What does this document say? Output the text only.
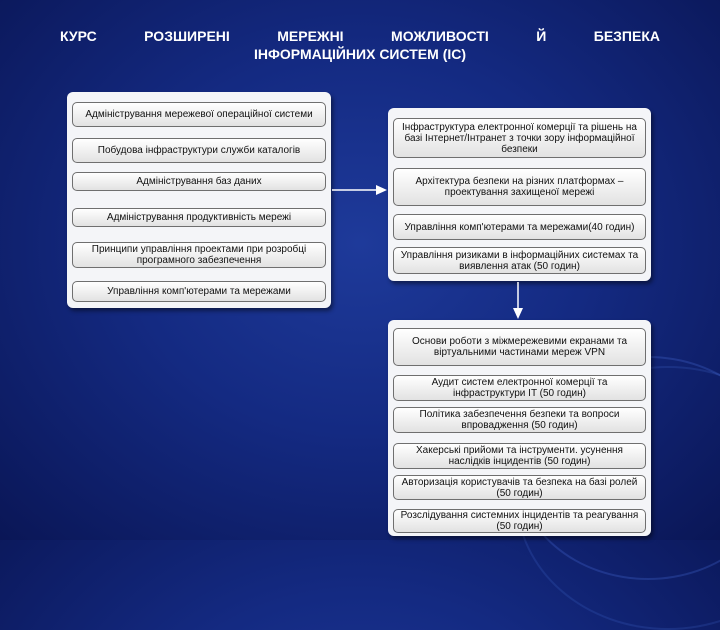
КУРС	РОЗШИРЕНІ	МЕРЕЖНІ	МОЖЛИВОСТІ	Й	БЕЗПЕКА
ІНФОРМАЦІЙНИХ СИСТЕМ (ІС)
Адміністрування мережевої операційної системи
Побудова інфраструктури служби каталогів
Адміністрування баз даних
Адміністрування продуктивність мережі
Принципи управління проектами при розробці програмного забезпечення
Управління комп'ютерами та мережами
Інфраструктура електронної комерції та рішень на базі Інтернет/Інтранет з точки зору інформаційної безпеки
Архітектура безпеки на різних платформах – проектування захищеної мережі
Управління комп'ютерами та мережами(40 годин)
Управління ризиками в інформаційних системах та виявлення атак (50 годин)
Основи роботи з міжмережевими екранами та віртуальними частинами мереж VPN
Аудит систем електронної комерції та інфраструктури IT (50 годин)
Політика забезпечення безпеки та вопроси впровадження (50 годин)
Хакерські прийоми та інструменти. усунення наслідків інцидентів (50 годин)
Авторизація користувачів та безпека на базі ролей (50 годин)
Розслідування системних інцидентів та реагування (50 годин)
